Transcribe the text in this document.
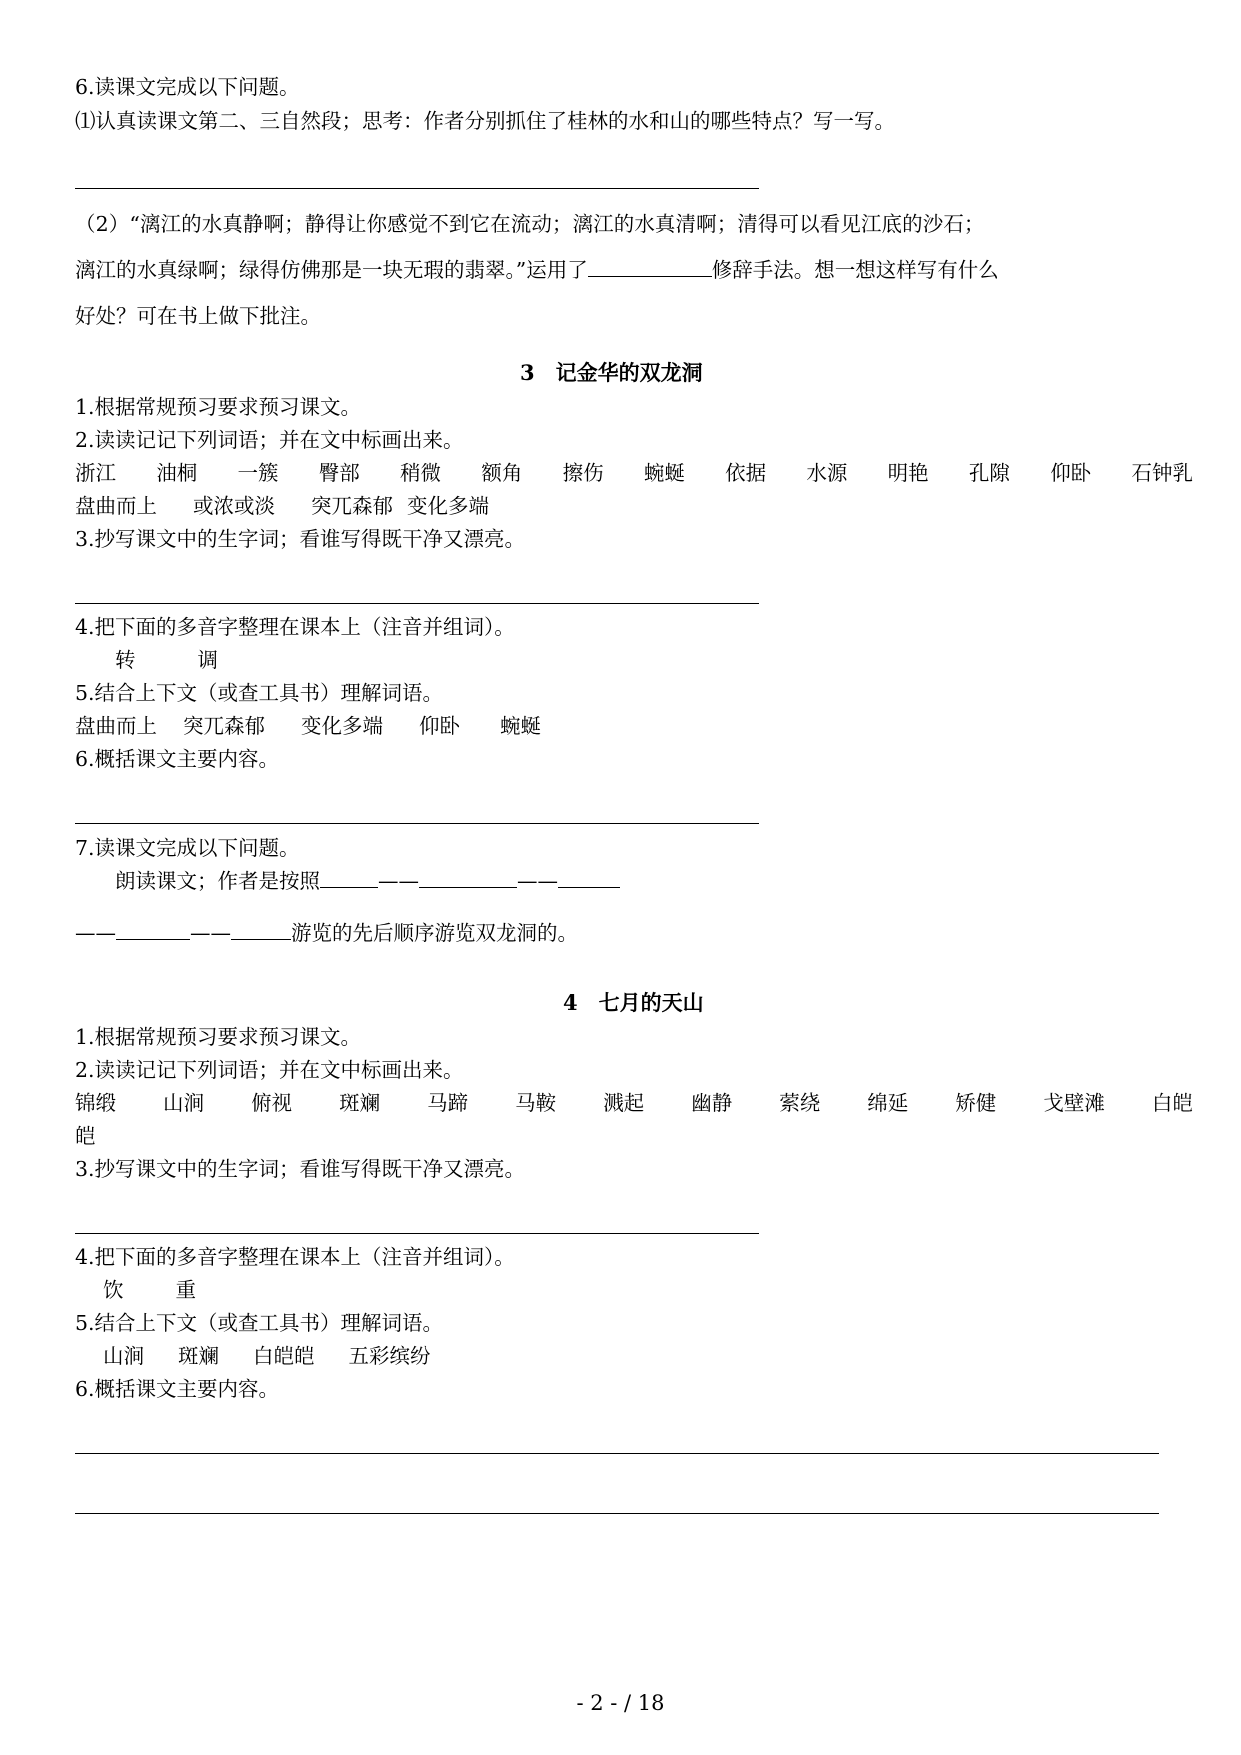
6.读课文完成以下问题。
⑴认真读课文第二、三自然段；思考：作者分别抓住了桂林的水和山的哪些特点？写一写。
（2）“漓江的水真静啊；静得让你感觉不到它在流动；漓江的水真清啊；清得可以看见江底的沙石；
漓江的水真绿啊；绿得仿佛那是一块无瑕的翡翠。”运用了	修辞手法。想一想这样写有什么
好处？可在书上做下批注。
3　记金华的双龙洞
1.根据常规预习要求预习课文。
2.读读记记下列词语；并在文中标画出来。
浙江 油桐 一簇 臀部 稍微 额角 擦伤 蜿蜒 依据 水源 明艳 孔隙 仰卧 石钟乳
盘曲而上 或浓或淡 突兀森郁 变化多端
3.抄写课文中的生字词；看谁写得既干净又漂亮。
4.把下面的多音字整理在课本上（注音并组词）。
转	调
5.结合上下文（或查工具书）理解词语。
盘曲而上 突兀森郁 变化多端 仰卧 蜿蜒
6.概括课文主要内容。
7.读课文完成以下问题。
朗读课文；作者是按照	——	——
——	——	游览的先后顺序游览双龙洞的。
4　七月的天山
1.根据常规预习要求预习课文。
2.读读记记下列词语；并在文中标画出来。
锦缎 山涧 俯视 斑斓 马蹄 马鞍 溅起 幽静 萦绕 绵延 矫健 戈壁滩 白皑
皑
3.抄写课文中的生字词；看谁写得既干净又漂亮。
4.把下面的多音字整理在课本上（注音并组词）。
饮	重
5.结合上下文（或查工具书）理解词语。
山涧 斑斓 白皑皑 五彩缤纷
6.概括课文主要内容。
- 2 - / 18
